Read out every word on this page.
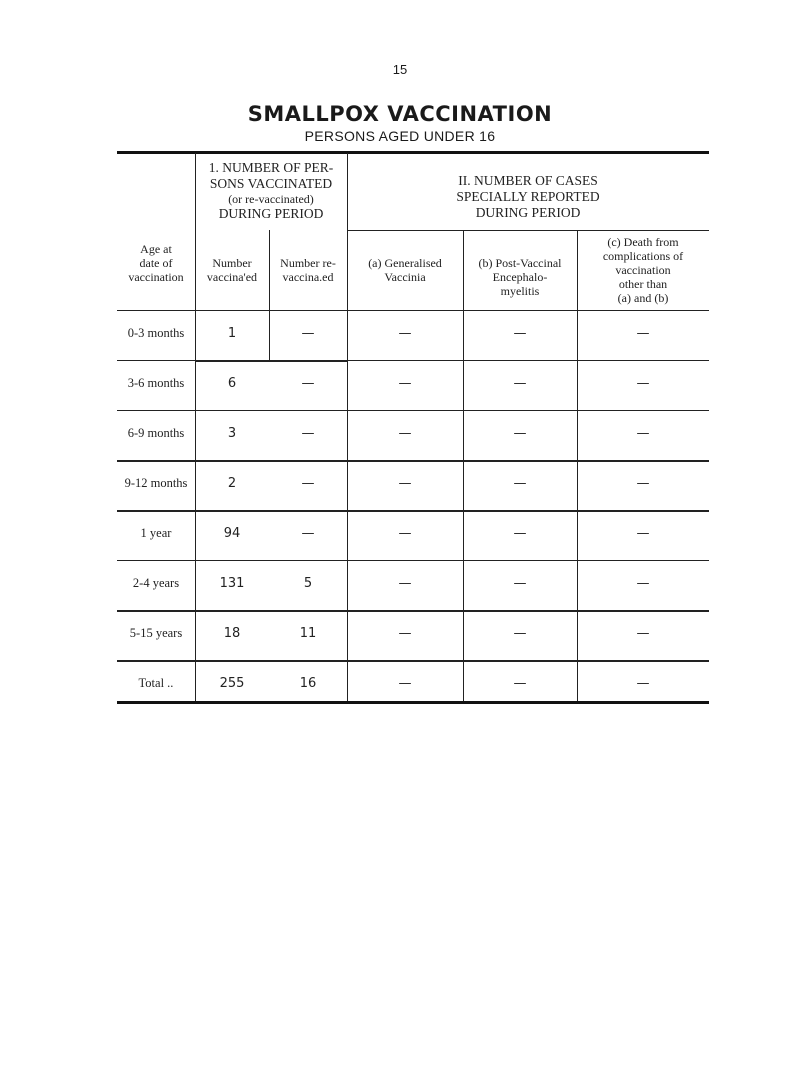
15
SMALLPOX VACCINATION
PERSONS AGED UNDER 16
Age at
date of
vaccination
1. NUMBER OF PER-
SONS VACCINATED
(or re-vaccinated)
DURING PERIOD
II. NUMBER OF CASES
SPECIALLY REPORTED
DURING PERIOD
Number
vaccina'ed
Number re-
vaccina.ed
(a) Generalised
Vaccinia
(b) Post-Vaccinal
Encephalo-
myelitis
(c) Death from
complications of
vaccination
other than
(a) and (b)
0-3 months	1	—	—	—	—
3-6 months	6	—	—	—	—
6-9 months	3	—	—	—	—
9-12 months	2	—	—	—	—
1 year	94	—	—	—	—
2-4 years	131	5	—	—	—
5-15 years	18	11	—	—	—
Total ..	255	16	—	—	—
